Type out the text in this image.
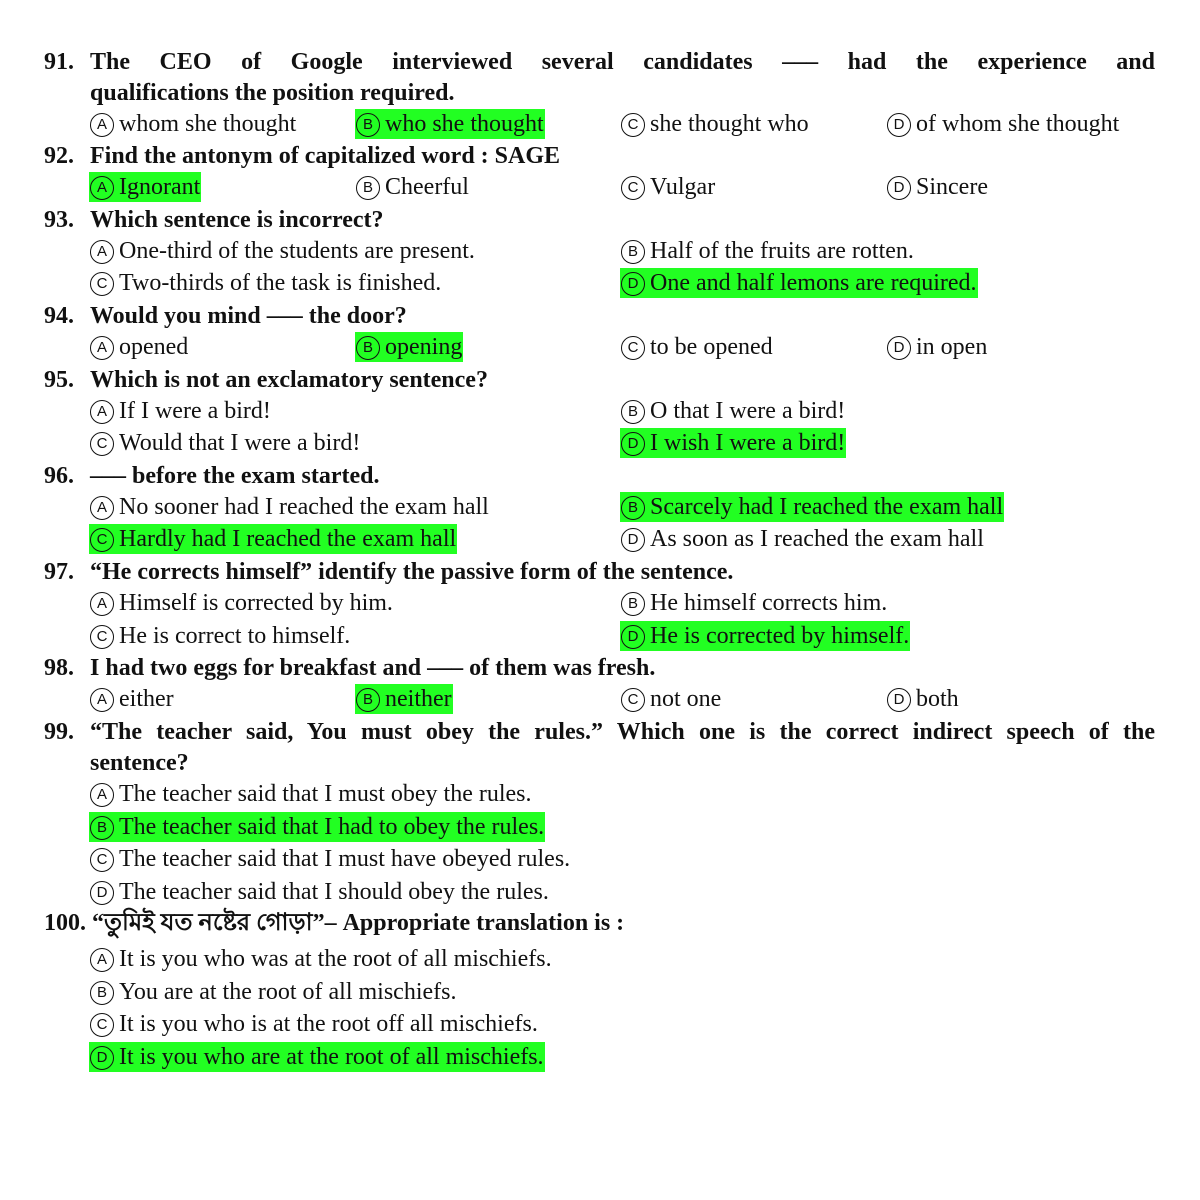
91. The CEO of Google interviewed several candidates ––– had the experience and
qualifications the position required.
A whom she thought	B who she thought	C she thought who	D of whom she thought
92. Find the antonym of capitalized word : SAGE
A Ignorant	B Cheerful	C Vulgar	D Sincere
93. Which sentence is incorrect?
A One-third of the students are present.	B Half of the fruits are rotten.
C Two-thirds of the task is finished.	D One and half lemons are required.
94. Would you mind ––– the door?
A opened	B opening	C to be opened	D in open
95. Which is not an exclamatory sentence?
A If I were a bird!	B O that I were a bird!
C Would that I were a bird!	D I wish I were a bird!
96. ––– before the exam started.
A No sooner had I reached the exam hall	B Scarcely had I reached the exam hall
C Hardly had I reached the exam hall	D As soon as I reached the exam hall
97. “He corrects himself” identify the passive form of the sentence.
A Himself is corrected by him.	B He himself corrects him.
C He is correct to himself.	D He is corrected by himself.
98. I had two eggs for breakfast and ––– of them was fresh.
A either	B neither	C not one	D both
99. “The teacher said, You must obey the rules.” Which one is the correct indirect speech of the
sentence?
A The teacher said that I must obey the rules.
B The teacher said that I had to obey the rules.
C The teacher said that I must have obeyed rules.
D The teacher said that I should obey the rules.
100. “তুমিই যত নষ্টের গোড়া”– Appropriate translation is :
A It is you who was at the root of all mischiefs.
B You are at the root of all mischiefs.
C It is you who is at the root off all mischiefs.
D It is you who are at the root of all mischiefs.
